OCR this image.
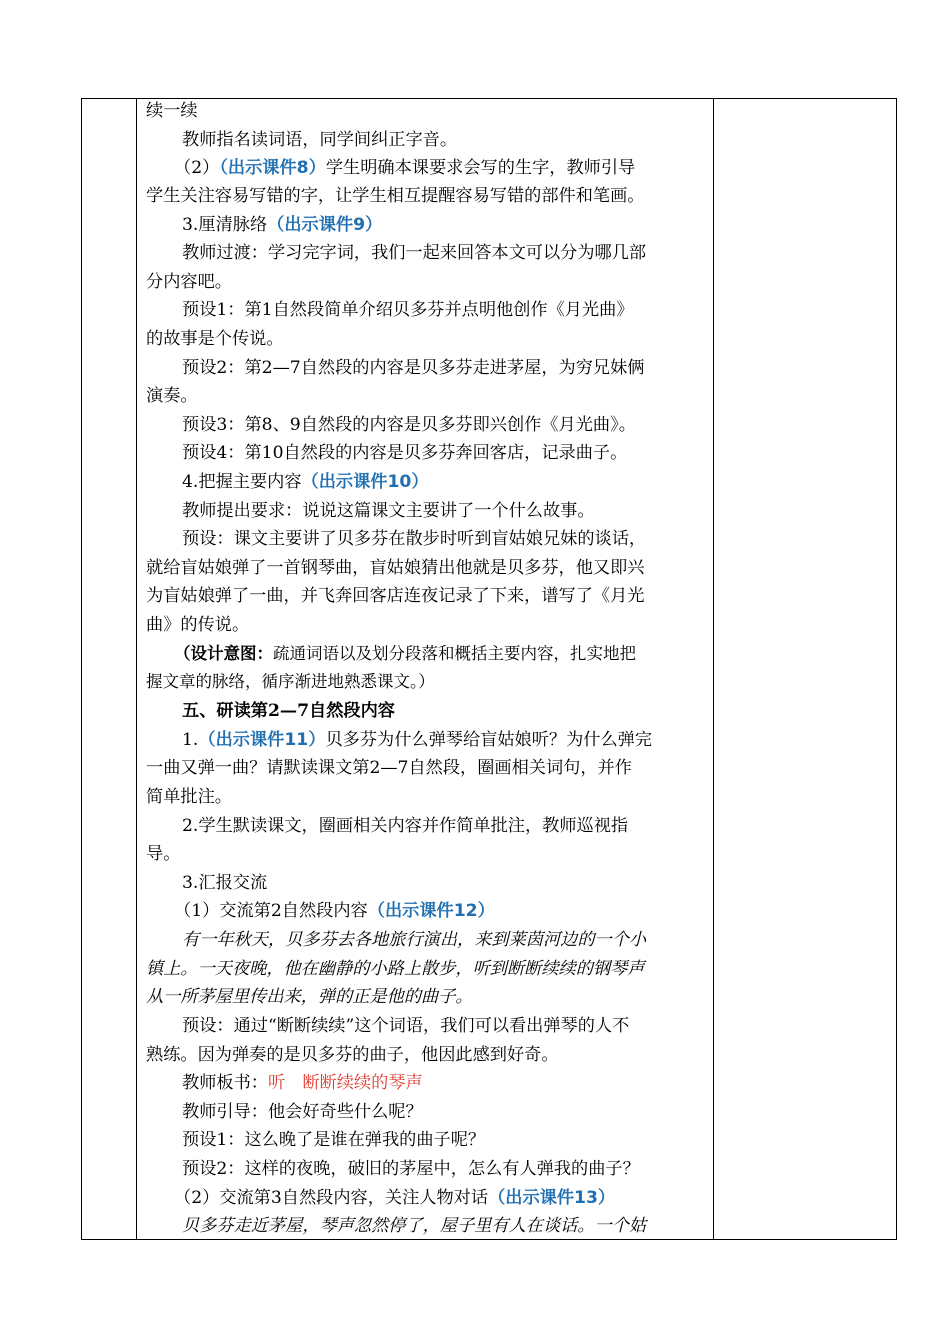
续一续
教师指名读词语，同学间纠正字音。
（2）（出示课件8）学生明确本课要求会写的生字，教师引导
学生关注容易写错的字，让学生相互提醒容易写错的部件和笔画。
3.厘清脉络（出示课件9）
教师过渡：学习完字词，我们一起来回答本文可以分为哪几部
分内容吧。
预设1：第1自然段简单介绍贝多芬并点明他创作《月光曲》
的故事是个传说。
预设2：第2—7自然段的内容是贝多芬走进茅屋，为穷兄妹俩
演奏。
预设3：第8、9自然段的内容是贝多芬即兴创作《月光曲》。
预设4：第10自然段的内容是贝多芬奔回客店，记录曲子。
4.把握主要内容（出示课件10）
教师提出要求：说说这篇课文主要讲了一个什么故事。
预设：课文主要讲了贝多芬在散步时听到盲姑娘兄妹的谈话，
就给盲姑娘弹了一首钢琴曲，盲姑娘猜出他就是贝多芬，他又即兴
为盲姑娘弹了一曲，并飞奔回客店连夜记录了下来，谱写了《月光
曲》的传说。
（设计意图：疏通词语以及划分段落和概括主要内容，扎实地把
握文章的脉络，循序渐进地熟悉课文。）
五、研读第2—7自然段内容
1.（出示课件11）贝多芬为什么弹琴给盲姑娘听？为什么弹完
一曲又弹一曲？请默读课文第2—7自然段，圈画相关词句，并作
简单批注。
2.学生默读课文，圈画相关内容并作简单批注，教师巡视指
导。
3.汇报交流
（1）交流第2自然段内容（出示课件12）
有一年秋天，贝多芬去各地旅行演出，来到莱茵河边的一个小
镇上。一天夜晚，他在幽静的小路上散步，听到断断续续的钢琴声
从一所茅屋里传出来，弹的正是他的曲子。
预设：通过“断断续续”这个词语，我们可以看出弹琴的人不
熟练。因为弹奏的是贝多芬的曲子，他因此感到好奇。
教师板书：听　断断续续的琴声
教师引导：他会好奇些什么呢？
预设1：这么晚了是谁在弹我的曲子呢？
预设2：这样的夜晚，破旧的茅屋中，怎么有人弹我的曲子？
（2）交流第3自然段内容，关注人物对话（出示课件13）
贝多芬走近茅屋，琴声忽然停了，屋子里有人在谈话。一个姑
